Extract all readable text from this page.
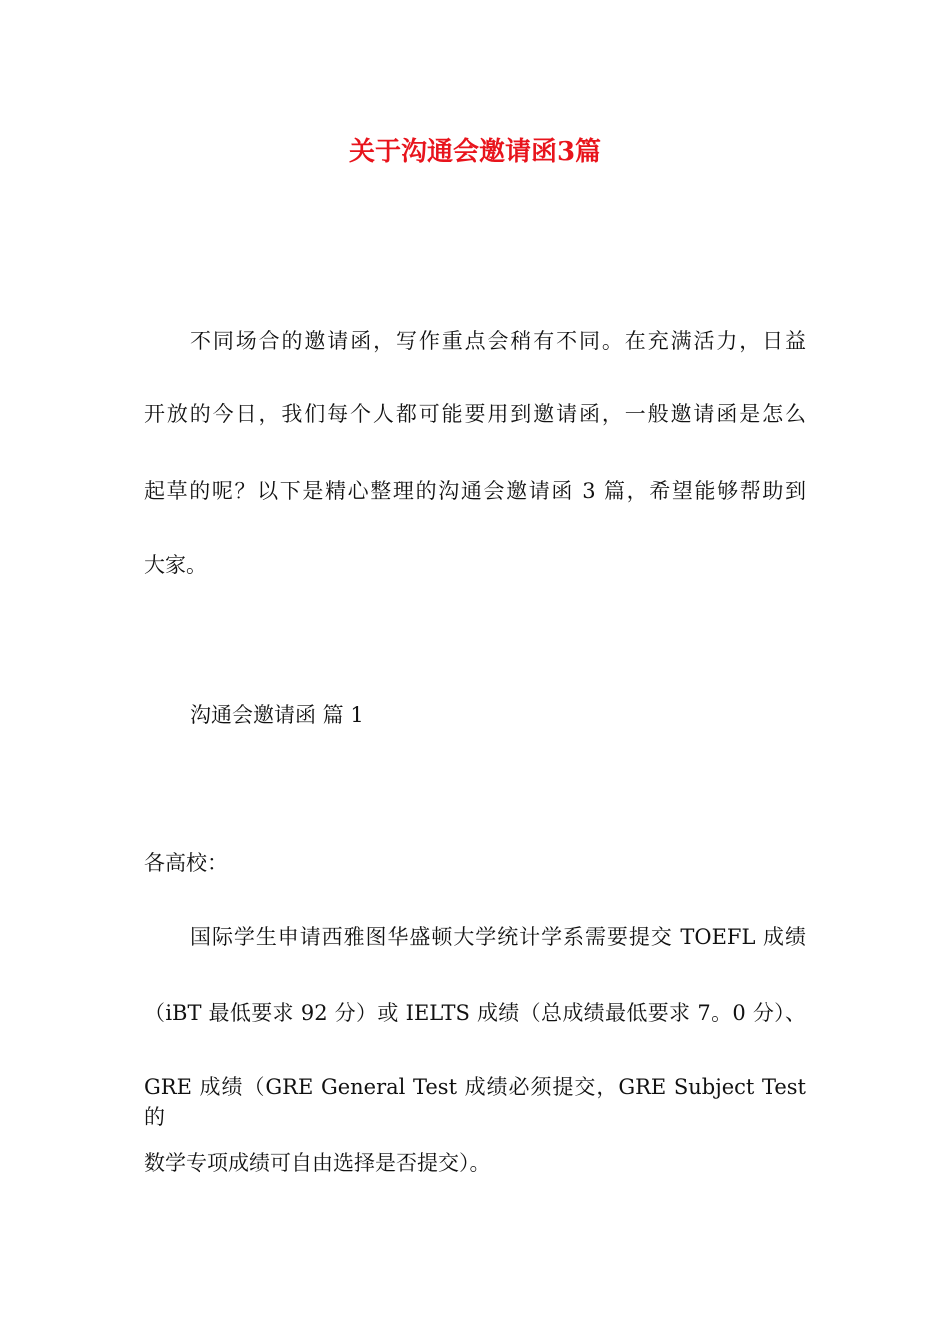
关于沟通会邀请函3篇

不同场合的邀请函，写作重点会稍有不同。在充满活力，日益

开放的今日，我们每个人都可能要用到邀请函，一般邀请函是怎么

起草的呢？以下是精心整理的沟通会邀请函 3 篇，希望能够帮助到

大家。

沟通会邀请函 篇 1

各高校：

国际学生申请西雅图华盛顿大学统计学系需要提交 TOEFL 成绩

（iBT 最低要求 92 分）或 IELTS 成绩（总成绩最低要求 7。0 分）、

GRE 成绩（GRE General Test 成绩必须提交，GRE Subject Test 的

数学专项成绩可自由选择是否提交）。
